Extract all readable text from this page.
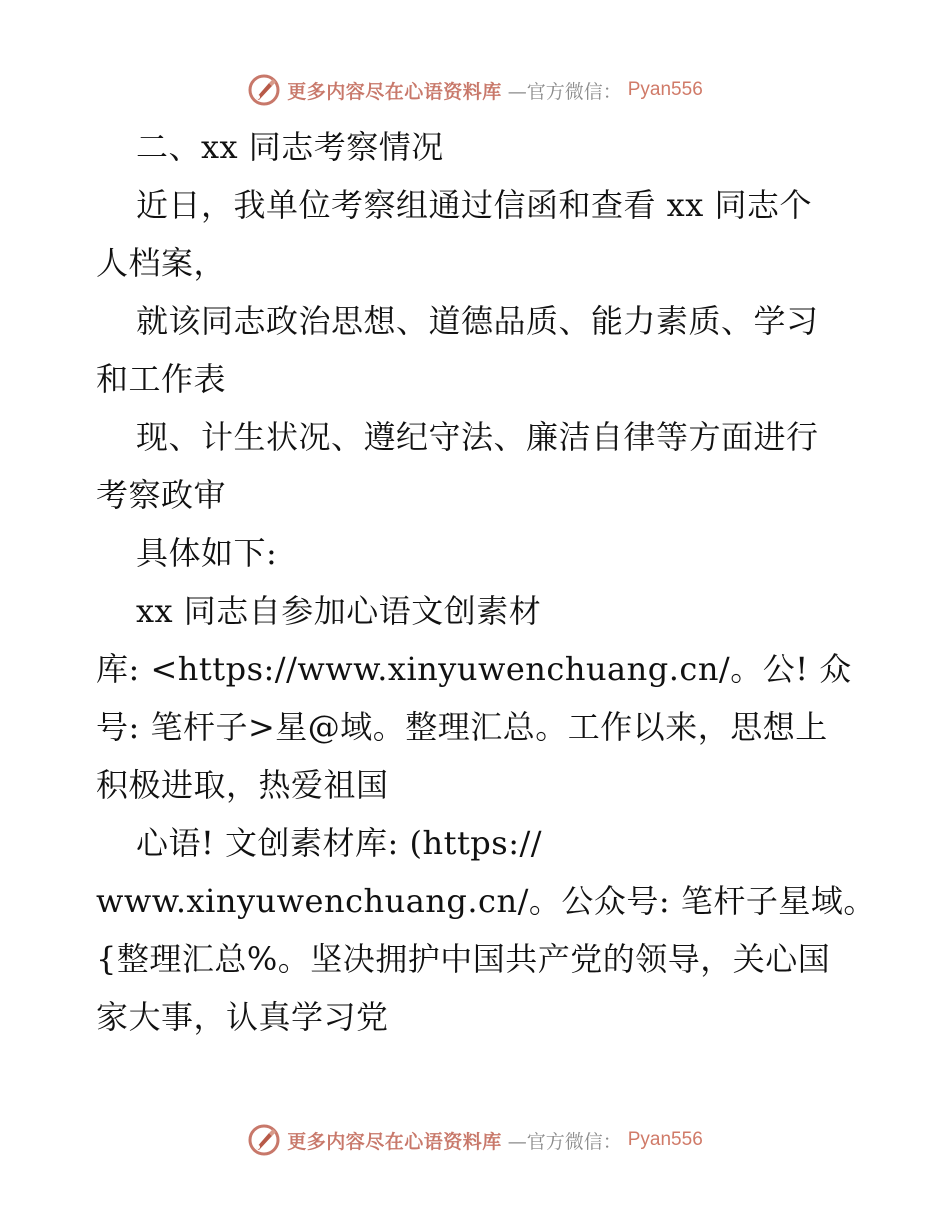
更多内容尽在心语资料库 —官方微信： Pyan556
二、xx 同志考察情况
近日，我单位考察组通过信函和查看 xx 同志个
人档案，
就该同志政治思想、道德品质、能力素质、学习
和工作表
现、计生状况、遵纪守法、廉洁自律等方面进行
考察政审
具体如下:
xx 同志自参加心语文创素材
库: <https://www.xinyuwenchuang.cn/。公! 众
号: 笔杆子>星@域。整理汇总。工作以来，思想上
积极进取，热爱祖国
心语! 文创素材库: (https://
www.xinyuwenchuang.cn/。公众号: 笔杆子星域。
{整理汇总%。坚决拥护中国共产党的领导，关心国
家大事，认真学习党
更多内容尽在心语资料库 —官方微信： Pyan556
